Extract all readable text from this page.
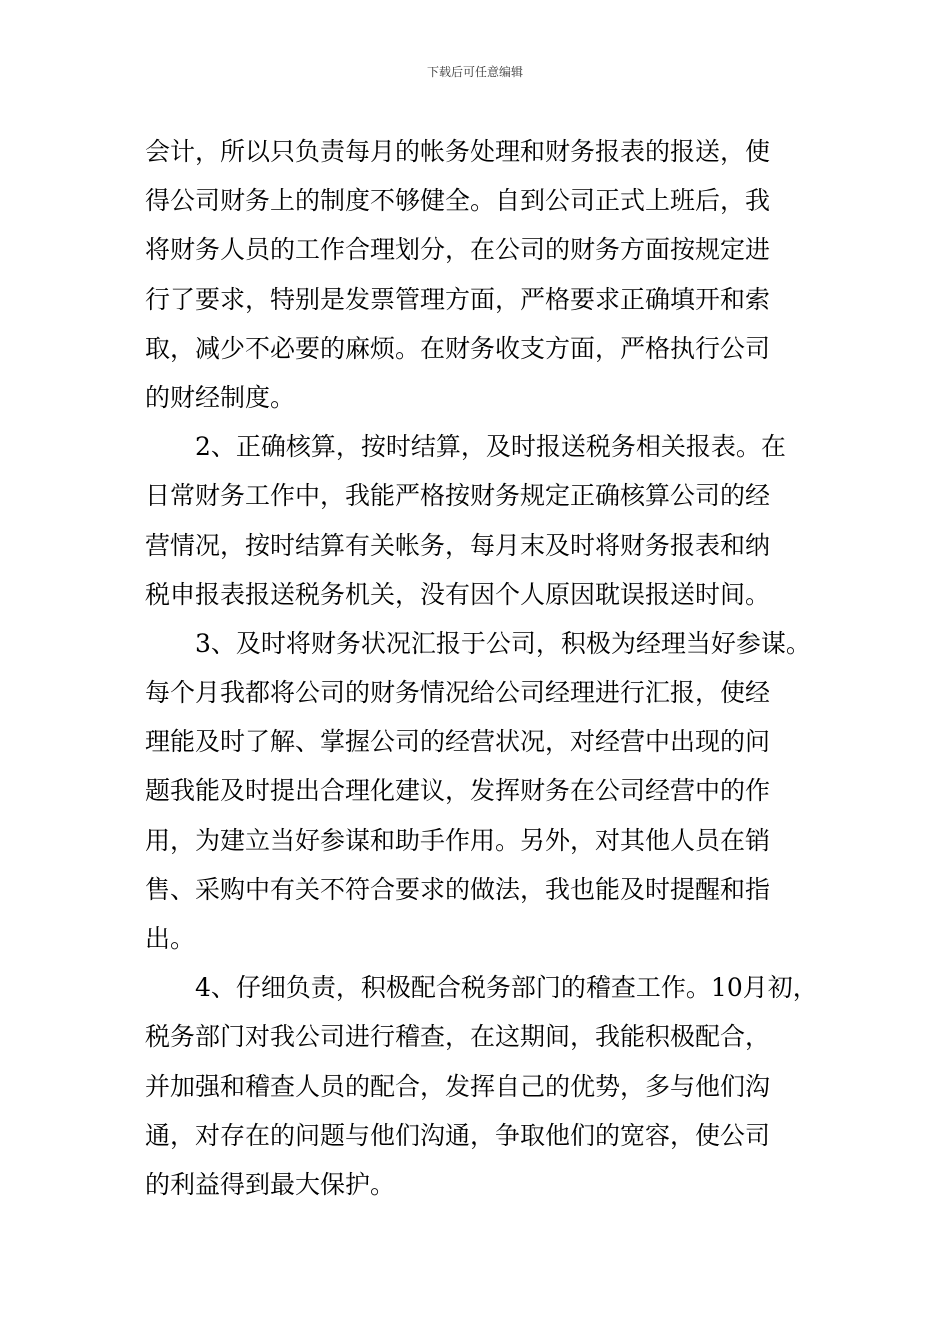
下载后可任意编辑
会计，所以只负责每月的帐务处理和财务报表的报送，使
得公司财务上的制度不够健全。自到公司正式上班后，我
将财务人员的工作合理划分，在公司的财务方面按规定进
行了要求，特别是发票管理方面，严格要求正确填开和索
取，减少不必要的麻烦。在财务收支方面，严格执行公司
的财经制度。
2、正确核算，按时结算，及时报送税务相关报表。在
日常财务工作中，我能严格按财务规定正确核算公司的经
营情况，按时结算有关帐务，每月末及时将财务报表和纳
税申报表报送税务机关，没有因个人原因耽误报送时间。
3、及时将财务状况汇报于公司，积极为经理当好参谋。
每个月我都将公司的财务情况给公司经理进行汇报，使经
理能及时了解、掌握公司的经营状况，对经营中出现的问
题我能及时提出合理化建议，发挥财务在公司经营中的作
用，为建立当好参谋和助手作用。另外，对其他人员在销
售、采购中有关不符合要求的做法，我也能及时提醒和指
出。
4、仔细负责，积极配合税务部门的稽查工作。10月初，
税务部门对我公司进行稽查，在这期间，我能积极配合，
并加强和稽查人员的配合，发挥自己的优势，多与他们沟
通，对存在的问题与他们沟通，争取他们的宽容，使公司
的利益得到最大保护。
